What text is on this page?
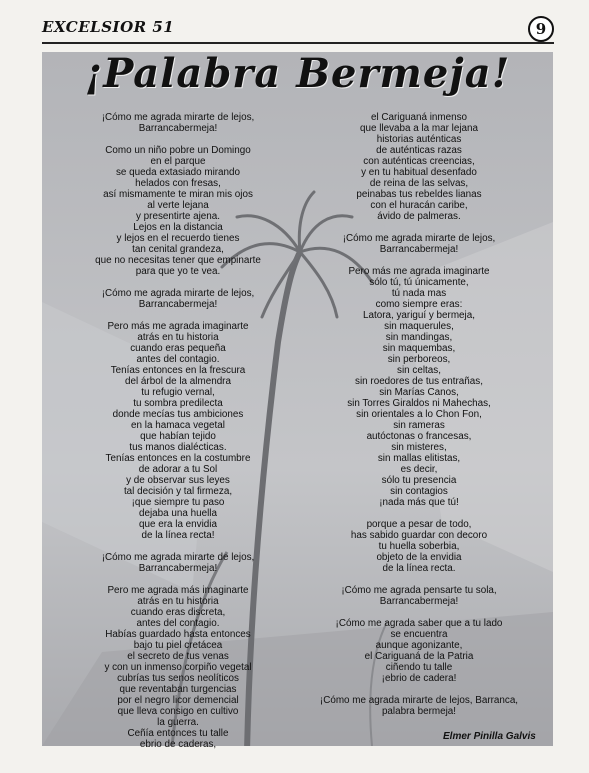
EXCELSIOR 51	9
¡Palabra Bermeja!
¡Cómo me agrada mirarte de lejos,
Barrancabermeja!
Como un niño pobre un Domingo
en el parque
se queda extasiado mirando
helados con fresas,
así mismamente te miran mis ojos
al verte lejana
y presentirte ajena.
Lejos en la distancia
y lejos en el recuerdo tienes
tan cenital grandeza,
que no necesitas tener que empinarte
para que yo te vea.
¡Cómo me agrada mirarte de lejos,
Barrancabermeja!
Pero más me agrada imaginarte
atrás en tu historia
cuando eras pequeña
antes del contagio.
Tenías entonces en la frescura
del árbol de la almendra
tu refugio vernal,
tu sombra predilecta
donde mecías tus ambiciones
en la hamaca vegetal
que habían tejido
tus manos dialécticas.
Tenías entonces en la costumbre
de adorar a tu Sol
y de observar sus leyes
tal decisión y tal firmeza,
¡que siempre tu paso
dejaba una huella
que era la envidia
de la línea recta!
¡Cómo me agrada mirarte de lejos,
Barrancabermeja!
Pero me agrada más imaginarte
atrás en tu historia
cuando eras discreta,
antes del contagio.
Habías guardado hasta entonces
bajo tu piel cretácea
el secreto de tus venas
y con un inmenso corpiño vegetal
cubrías tus senos neolíticos
que reventaban turgencias
por el negro licor demencial
que lleva consigo en cultivo
la guerra.
Ceñía entonces tu talle
ebrio de caderas,
el Cariguaná inmenso
que llevaba a la mar lejana
historias auténticas
de auténticas razas
con auténticas creencias,
y en tu habitual desenfado
de reina de las selvas,
peinabas tus rebeldes lianas
con el huracán caribe,
ávido de palmeras.
¡Cómo me agrada mirarte de lejos,
Barrancabermeja!
Pero más me agrada imaginarte
sólo tú, tú únicamente,
tú nada mas
como siempre eras:
Latora, yariguí y bermeja,
sin maquerules,
sin mandingas,
sin maquembas,
sin perboreos,
sin celtas,
sin roedores de tus entrañas,
sin Marías Canos,
sin Torres Giraldos ni Mahechas,
sin orientales a lo Chon Fon,
sin rameras
autóctonas o francesas,
sin misteres,
sin mallas elitistas,
es decir,
sólo tu presencia
sin contagios
¡nada más que tú!
porque a pesar de todo,
has sabido guardar con decoro
tu huella soberbia,
objeto de la envidia
de la línea recta.
¡Cómo me agrada pensarte tu sola,
Barrancabermeja!
¡Cómo me agrada saber que a tu lado
se encuentra
aunque agonizante,
el Cariguaná de la Patria
ciñendo tu talle
¡ebrio de cadera!
¡Cómo me agrada mirarte de lejos, Barranca,
palabra bermeja!
Elmer Pinilla Galvis
